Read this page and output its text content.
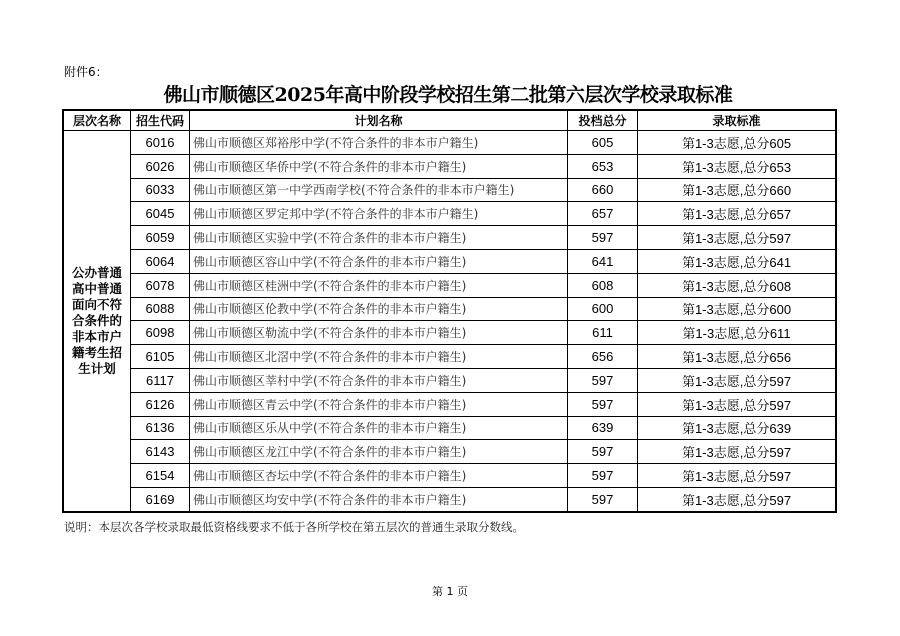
附件6：
佛山市顺德区2025年高中阶段学校招生第二批第六层次学校录取标准
层次名称	招生代码	计划名称	投档总分	录取标准
公办普通高中普通面向不符合条件的非本市户籍考生招生计划	6016	佛山市顺德区郑裕彤中学(不符合条件的非本市户籍生)	605	第1-3志愿,总分605
	6026	佛山市顺德区华侨中学(不符合条件的非本市户籍生)	653	第1-3志愿,总分653
	6033	佛山市顺德区第一中学西南学校(不符合条件的非本市户籍生)	660	第1-3志愿,总分660
	6045	佛山市顺德区罗定邦中学(不符合条件的非本市户籍生)	657	第1-3志愿,总分657
	6059	佛山市顺德区实验中学(不符合条件的非本市户籍生)	597	第1-3志愿,总分597
	6064	佛山市顺德区容山中学(不符合条件的非本市户籍生)	641	第1-3志愿,总分641
	6078	佛山市顺德区桂洲中学(不符合条件的非本市户籍生)	608	第1-3志愿,总分608
	6088	佛山市顺德区伦教中学(不符合条件的非本市户籍生)	600	第1-3志愿,总分600
	6098	佛山市顺德区勒流中学(不符合条件的非本市户籍生)	611	第1-3志愿,总分611
	6105	佛山市顺德区北滘中学(不符合条件的非本市户籍生)	656	第1-3志愿,总分656
	6117	佛山市顺德区莘村中学(不符合条件的非本市户籍生)	597	第1-3志愿,总分597
	6126	佛山市顺德区青云中学(不符合条件的非本市户籍生)	597	第1-3志愿,总分597
	6136	佛山市顺德区乐从中学(不符合条件的非本市户籍生)	639	第1-3志愿,总分639
	6143	佛山市顺德区龙江中学(不符合条件的非本市户籍生)	597	第1-3志愿,总分597
	6154	佛山市顺德区杏坛中学(不符合条件的非本市户籍生)	597	第1-3志愿,总分597
	6169	佛山市顺德区均安中学(不符合条件的非本市户籍生)	597	第1-3志愿,总分597
说明：本层次各学校录取最低资格线要求不低于各所学校在第五层次的普通生录取分数线。
第 1 页
